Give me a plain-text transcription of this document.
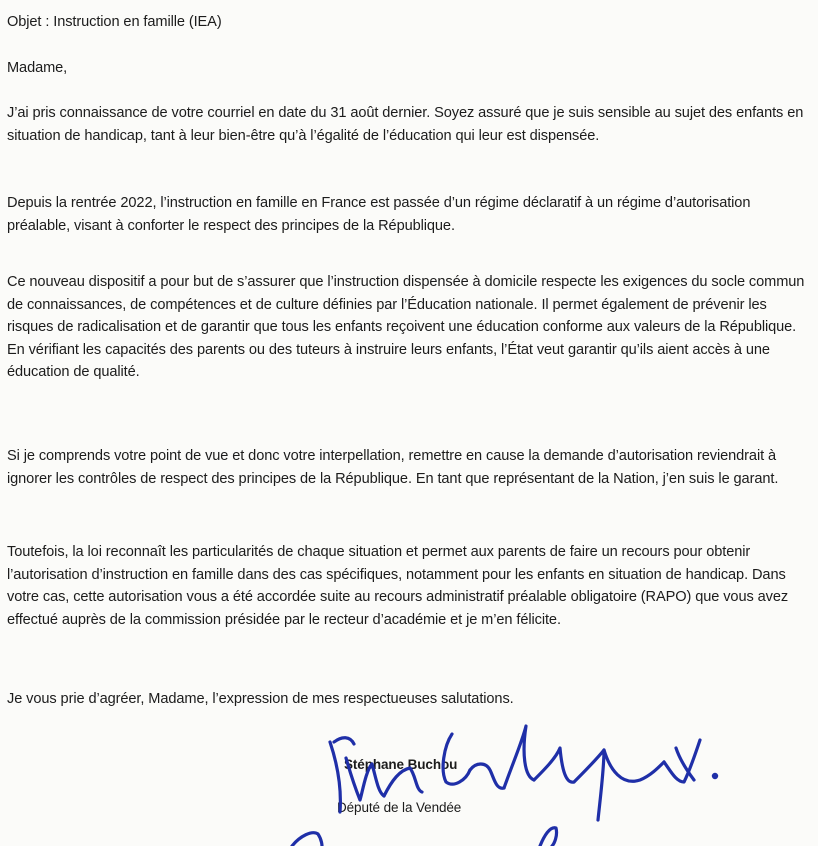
Objet : Instruction en famille (IEA)
Madame,

J’ai pris connaissance de votre courriel en date du 31 août dernier. Soyez assuré que je suis sensible au sujet des enfants en situation de handicap, tant à leur bien-être qu’à l’égalité de l’éducation qui leur est dispensée.

Depuis la rentrée 2022, l’instruction en famille en France est passée d’un régime déclaratif à un régime d’autorisation préalable, visant à conforter le respect des principes de la République.

Ce nouveau dispositif a pour but de s’assurer que l’instruction dispensée à domicile respecte les exigences du socle commun de connaissances, de compétences et de culture définies par l’Éducation nationale. Il permet également de prévenir les risques de radicalisation et de garantir que tous les enfants reçoivent une éducation conforme aux valeurs de la République. En vérifiant les capacités des parents ou des tuteurs à instruire leurs enfants, l’État veut garantir qu’ils aient accès à une éducation de qualité.

Si je comprends votre point de vue et donc votre interpellation, remettre en cause la demande d’autorisation reviendrait à ignorer les contrôles de respect des principes de la République. En tant que représentant de la Nation, j’en suis le garant.

Toutefois, la loi reconnaît les particularités de chaque situation et permet aux parents de faire un recours pour obtenir l’autorisation d’instruction en famille dans des cas spécifiques, notamment pour les enfants en situation de handicap. Dans votre cas, cette autorisation vous a été accordée suite au recours administratif préalable obligatoire (RAPO) que vous avez effectué auprès de la commission présidée par le recteur d’académie et je m’en félicite.

Je vous prie d’agréer, Madame, l’expression de mes respectueuses salutations.
Stéphane Buchou
Député de la Vendée
